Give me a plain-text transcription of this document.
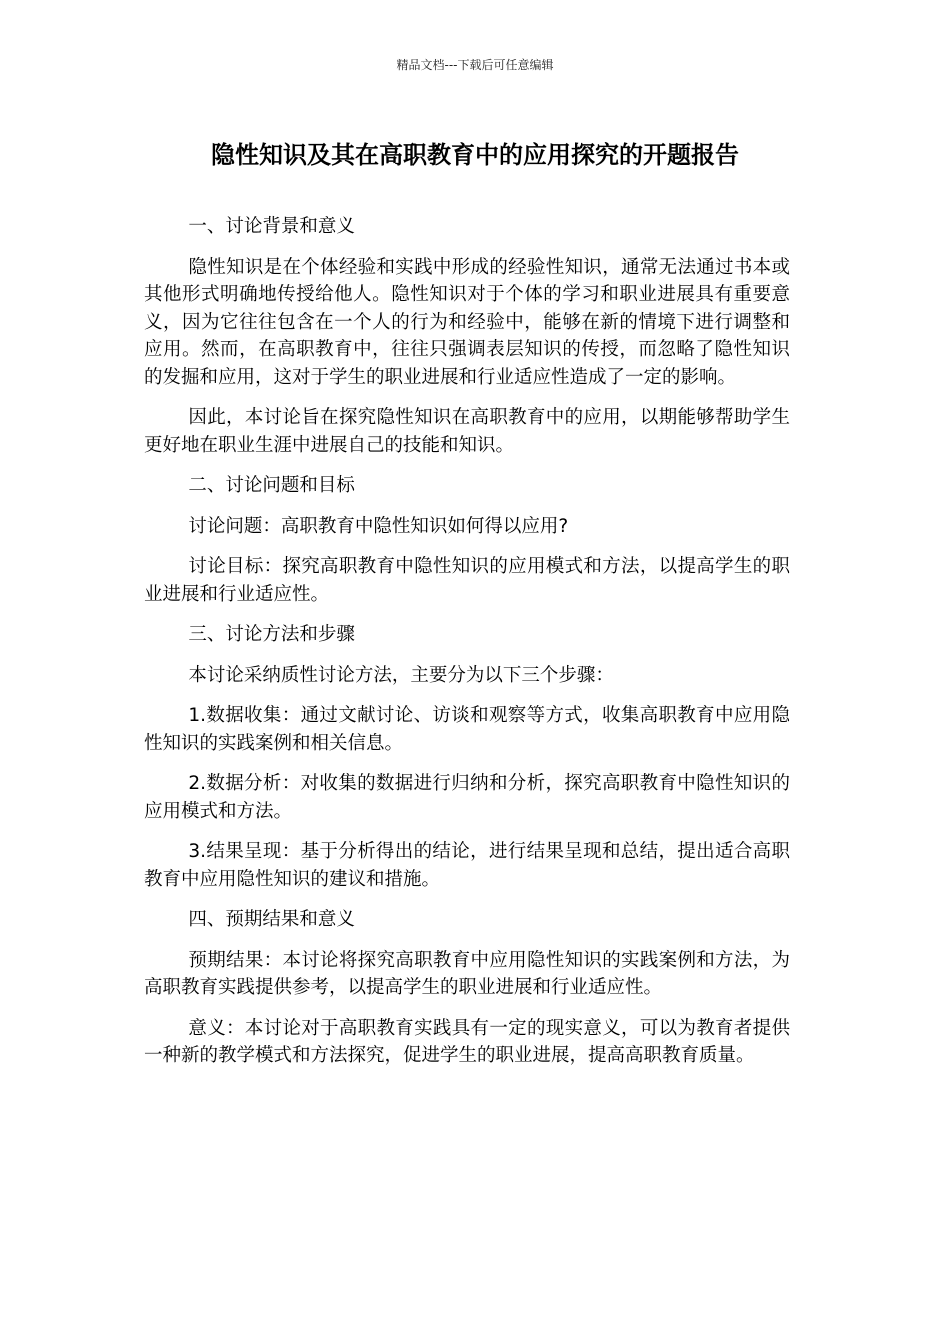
精品文档---下载后可任意编辑
隐性知识及其在高职教育中的应用探究的开题报告

一、讨论背景和意义

隐性知识是在个体经验和实践中形成的经验性知识，通常无法通过书本或其他形式明确地传授给他人。隐性知识对于个体的学习和职业进展具有重要意义，因为它往往包含在一个人的行为和经验中，能够在新的情境下进行调整和应用。然而，在高职教育中，往往只强调表层知识的传授，而忽略了隐性知识的发掘和应用，这对于学生的职业进展和行业适应性造成了一定的影响。

因此，本讨论旨在探究隐性知识在高职教育中的应用，以期能够帮助学生更好地在职业生涯中进展自己的技能和知识。

二、讨论问题和目标

讨论问题：高职教育中隐性知识如何得以应用?

讨论目标：探究高职教育中隐性知识的应用模式和方法，以提高学生的职业进展和行业适应性。

三、讨论方法和步骤

本讨论采纳质性讨论方法，主要分为以下三个步骤：

1.数据收集：通过文献讨论、访谈和观察等方式，收集高职教育中应用隐性知识的实践案例和相关信息。

2.数据分析：对收集的数据进行归纳和分析，探究高职教育中隐性知识的应用模式和方法。

3.结果呈现：基于分析得出的结论，进行结果呈现和总结，提出适合高职教育中应用隐性知识的建议和措施。

四、预期结果和意义

预期结果：本讨论将探究高职教育中应用隐性知识的实践案例和方法，为高职教育实践提供参考，以提高学生的职业进展和行业适应性。

意义：本讨论对于高职教育实践具有一定的现实意义，可以为教育者提供一种新的教学模式和方法探究，促进学生的职业进展，提高高职教育质量。
